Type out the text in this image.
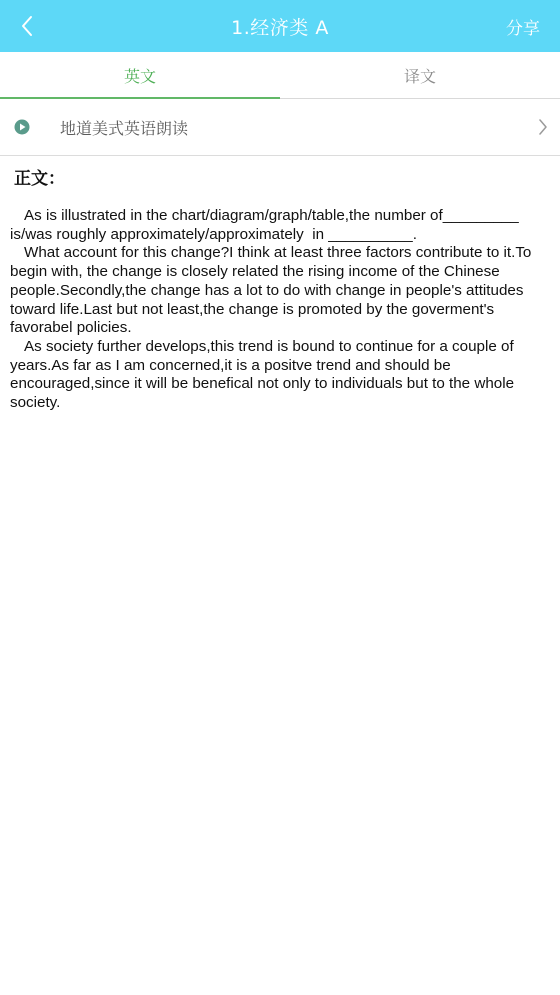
1.经济类 A	分享
英文	译文
地道美式英语朗读
正文：

As is illustrated in the chart/diagram/graph/table,the number of_________ is/was roughly approximately/approximately  in __________.

What account for this change?I think at least three factors contribute to it.To begin with, the change is closely related the rising income of the Chinese people.Secondly,the change has a lot to do with change in people's attitudes toward life.Last but not least,the change is promoted by the goverment's favorabel policies.

As society further develops,this trend is bound to continue for a couple of years.As far as I am concerned,it is a positve trend and should be encouraged,since it will be benefical not only to individuals but to the whole society.
